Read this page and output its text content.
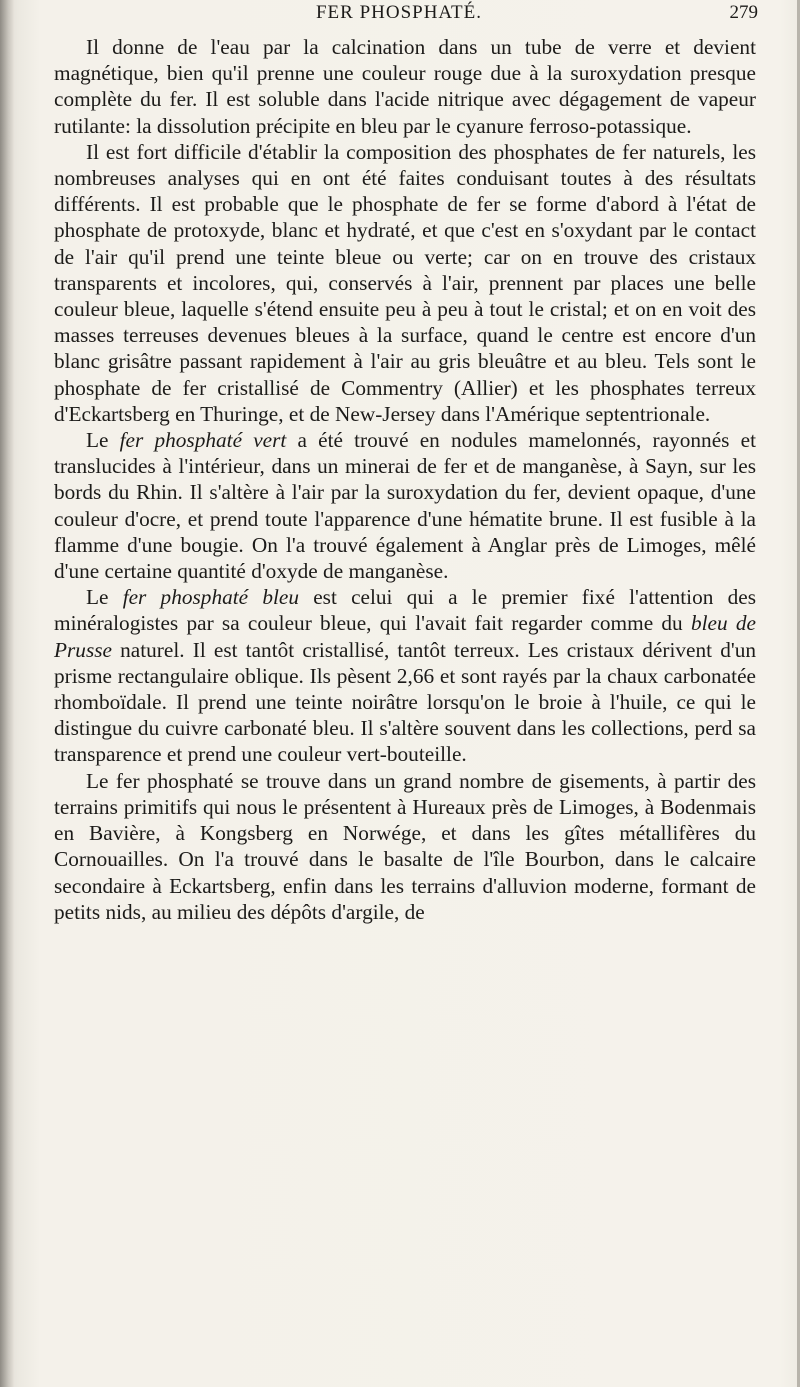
FER PHOSPHATÉ.	279

Il donne de l'eau par la calcination dans un tube de verre et devient magnétique, bien qu'il prenne une couleur rouge due à la suroxydation presque complète du fer. Il est soluble dans l'acide nitrique avec dégagement de vapeur rutilante: la dissolution précipite en bleu par le cyanure ferroso-potassique.

Il est fort difficile d'établir la composition des phosphates de fer naturels, les nombreuses analyses qui en ont été faites conduisant toutes à des résultats différents. Il est probable que le phosphate de fer se forme d'abord à l'état de phosphate de protoxyde, blanc et hydraté, et que c'est en s'oxydant par le contact de l'air qu'il prend une teinte bleue ou verte; car on en trouve des cristaux transparents et incolores, qui, conservés à l'air, prennent par places une belle couleur bleue, laquelle s'étend ensuite peu à peu à tout le cristal; et on en voit des masses terreuses devenues bleues à la surface, quand le centre est encore d'un blanc grisâtre passant rapidement à l'air au gris bleuâtre et au bleu. Tels sont le phosphate de fer cristallisé de Commentry (Allier) et les phosphates terreux d'Eckartsberg en Thuringe, et de New-Jersey dans l'Amérique septentrionale.

Le fer phosphaté vert a été trouvé en nodules mamelonnés, rayonnés et translucides à l'intérieur, dans un minerai de fer et de manganèse, à Sayn, sur les bords du Rhin. Il s'altère à l'air par la suroxydation du fer, devient opaque, d'une couleur d'ocre, et prend toute l'apparence d'une hématite brune. Il est fusible à la flamme d'une bougie. On l'a trouvé également à Anglar près de Limoges, mêlé d'une certaine quantité d'oxyde de manganèse.

Le fer phosphaté bleu est celui qui a le premier fixé l'attention des minéralogistes par sa couleur bleue, qui l'avait fait regarder comme du bleu de Prusse naturel. Il est tantôt cristallisé, tantôt terreux. Les cristaux dérivent d'un prisme rectangulaire oblique. Ils pèsent 2,66 et sont rayés par la chaux carbonatée rhomboïdale. Il prend une teinte noirâtre lorsqu'on le broie à l'huile, ce qui le distingue du cuivre carbonaté bleu. Il s'altère souvent dans les collections, perd sa transparence et prend une couleur vert-bouteille.

Le fer phosphaté se trouve dans un grand nombre de gisements, à partir des terrains primitifs qui nous le présentent à Hureaux près de Limoges, à Bodenmais en Bavière, à Kongsberg en Norwége, et dans les gîtes métallifères du Cornouailles. On l'a trouvé dans le basalte de l'île Bourbon, dans le calcaire secondaire à Eckartsberg, enfin dans les terrains d'alluvion moderne, formant de petits nids, au milieu des dépôts d'argile, de
